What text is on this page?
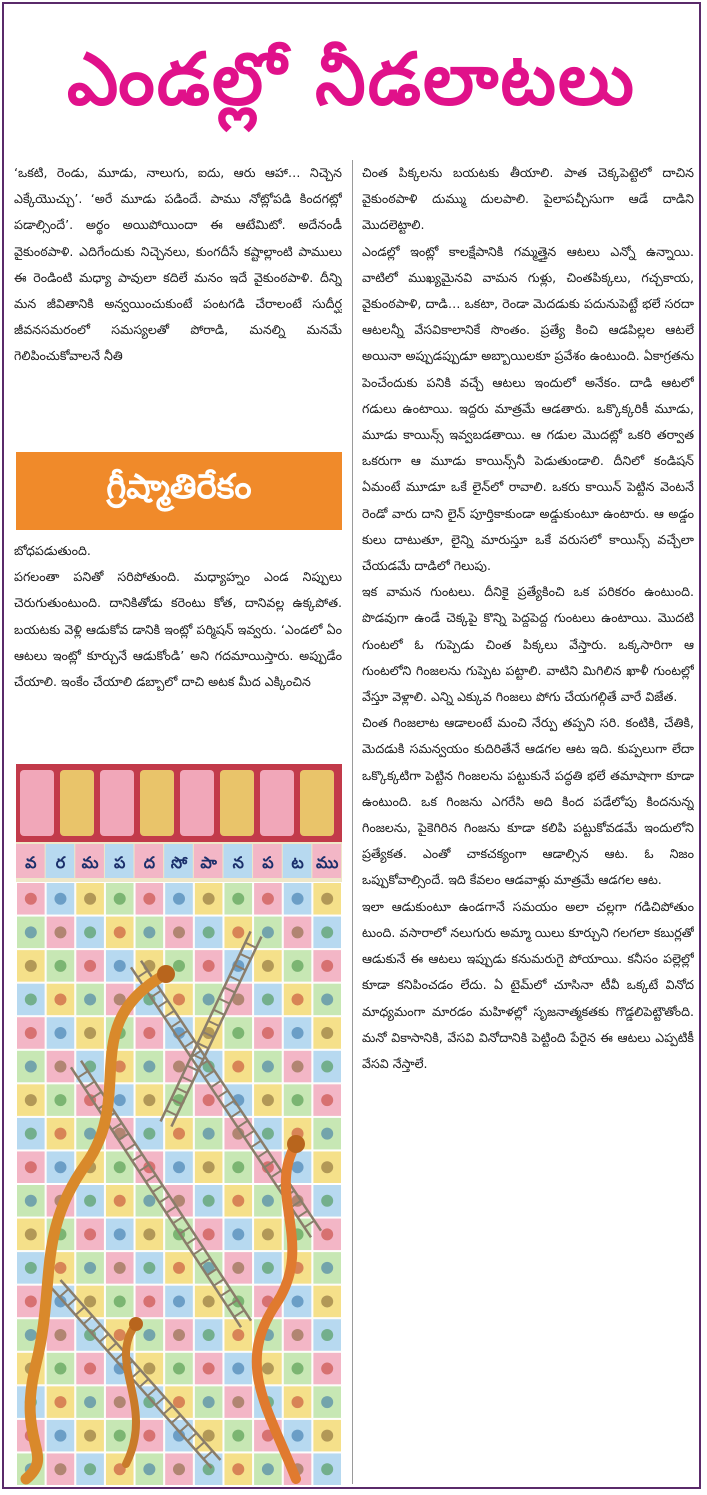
ఎండల్లో నీడలాటలు

‘ఒకటి, రెండు, మూడు, నాలుగు, ఐదు, ఆరు ఆహా… నిచ్చెన ఎక్కేయొచ్చు’. ‘అరే మూడు పడిందే. పాము నోట్లోపడి కిందగట్లో పడాల్సిందే’. అర్థం అయిపోయిందా ఈ ఆటేమిటో. అదేనండీ వైకుంఠపాళి. ఎదిగేందుకు నిచ్చెనలు, కుంగదీసే కష్టాల్లాంటి పాములు ఈ రెండింటి మధ్యా పావులా కదిలే మనం ఇదే వైకుంఠపాళి. దీన్ని మన జీవితానికి అన్వయించుకుంటే పంటగడి చేరాలంటే సుదీర్ఘ జీవనసమరంలో సమస్యలతో పోరాడి, మనల్ని మనమే గెలిపించుకోవాలనే నీతి

గ్రీష్మాతిరేకం

బోధపడుతుంది.

పగలంతా పనితో సరిపోతుంది. మధ్యాహ్నం ఎండ నిప్పులు చెరుగుతుంటుంది. దానికితోడు కరెంటు కోత, దానివల్ల ఉక్కపోత. బయటకు వెళ్లి ఆడుకోవ డానికి ఇంట్లో పర్మిషన్ ఇవ్వరు. ‘ఎండలో ఏం ఆటలు ఇంట్లో కూర్చునే ఆడుకోండి’ అని గదమాయిస్తారు. అప్పుడేం చేయాలి. ఇంకేం చేయాలి డబ్బాలో దాచి అటక మీద ఎక్కించిన

వ ర మ ప ద సో పా న ప ట ము

చింత పిక్కలను బయటకు తీయాలి. పాత చెక్కపెట్టెలో దాచిన వైకుంఠపాళి దుమ్ము దులపాలి. పైలాపచ్చీసుగా ఆడే దాడిని మొదలెట్టాలి.

ఎండల్లో ఇంట్లో కాలక్షేపానికి గమ్మత్తైన ఆటలు ఎన్నో ఉన్నాయి. వాటిలో ముఖ్యమైనవి వామన గుళ్లు, చింతపిక్కలు, గచ్చకాయ, వైకుంఠపాళి, దాడి… ఒకటా, రెండా మెదడుకు పదునుపెట్టే భలే సరదా ఆటలన్నీ వేసవికాలానికే సొంతం. ప్రత్యే కించి ఆడపిల్లల ఆటలే అయినా అప్పుడప్పుడూ అబ్బాయిలకూ ప్రవేశం ఉంటుంది. ఏకాగ్రతను పెంచేందుకు పనికి వచ్చే ఆటలు ఇందులో అనేకం. దాడి ఆటలో గడులు ఉంటాయి. ఇద్దరు మాత్రమే ఆడతారు. ఒక్కొక్కరికీ మూడు, మూడు కాయిన్స్ ఇవ్వబడతాయి. ఆ గడుల మొదట్లో ఒకరి తర్వాత ఒకరుగా ఆ మూడు కాయిన్స్‌నీ పెడుతుండాలి. దీనిలో కండిషన్ ఏమంటే మూడూ ఒకే లైన్‌లో రావాలి. ఒకరు కాయిన్ పెట్టిన వెంటనే రెండో వారు దాని లైన్ పూర్తికాకుండా అడ్డుకుంటూ ఉంటారు. ఆ అడ్డం కులు దాటుతూ, లైన్ని మారుస్తూ ఒకే వరుసలో కాయిన్స్ వచ్చేలా చేయడమే దాడిలో గెలుపు.

ఇక వామన గుంటలు. దీనికై ప్రత్యేకించి ఒక పరికరం ఉంటుంది. పొడవుగా ఉండే చెక్కపై కొన్ని పెద్దపెద్ద గుంటలు ఉంటాయి. మొదటి గుంటలో ఓ గుప్పెడు చింత పిక్కలు వేస్తారు. ఒక్కసారిగా ఆ గుంటలోని గింజలను గుప్పెట పట్టాలి. వాటిని మిగిలిన ఖాళీ గుంటల్లో వేస్తూ వెళ్లాలి. ఎన్ని ఎక్కువ గింజలు పోగు చేయగల్గితే వారే విజేత.

చింత గింజలాట ఆడాలంటే మంచి నేర్పు తప్పని సరి. కంటికి, చేతికి, మెదడుకి సమన్వయం కుదిరితేనే ఆడగల ఆట ఇది. కుప్పలుగా లేదా ఒక్కొక్కటిగా పెట్టిన గింజలను పట్టుకునే పద్ధతి భలే తమాషాగా కూడా ఉంటుంది. ఒక గింజను ఎగరేసి అది కింద పడేలోపు కిందనున్న గింజలను, పైకెగిరిన గింజను కూడా కలిపి పట్టుకోవడమే ఇందులోని ప్రత్యేకత. ఎంతో చాకచక్యంగా ఆడాల్సిన ఆట. ఓ నిజం ఒప్పుకోవాల్సిందే. ఇది కేవలం ఆడవాళ్లు మాత్రమే ఆడగల ఆట.

ఇలా ఆడుకుంటూ ఉండగానే సమయం అలా చల్లగా గడిచిపోతుం టుంది. వసారాలో నలుగురు అమ్మా యిలు కూర్చుని గలగలా కబుర్లతో ఆడుకునే ఈ ఆటలు ఇప్పుడు కనుమరుగై పోయాయి. కనీసం పల్లెల్లో కూడా కనిపించడం లేదు. ఏ టైమ్‌లో చూసినా టీవీ ఒక్కటే వినోద మాధ్యమంగా మారడం మహిళల్లో సృజనాత్మకతకు గొడ్డలిపెట్టౌతోంది. మనో వికాసానికి, వేసవి వినోదానికి పెట్టింది పేరైన ఈ ఆటలు ఎప్పటికీ వేసవి నేస్తాలే.
